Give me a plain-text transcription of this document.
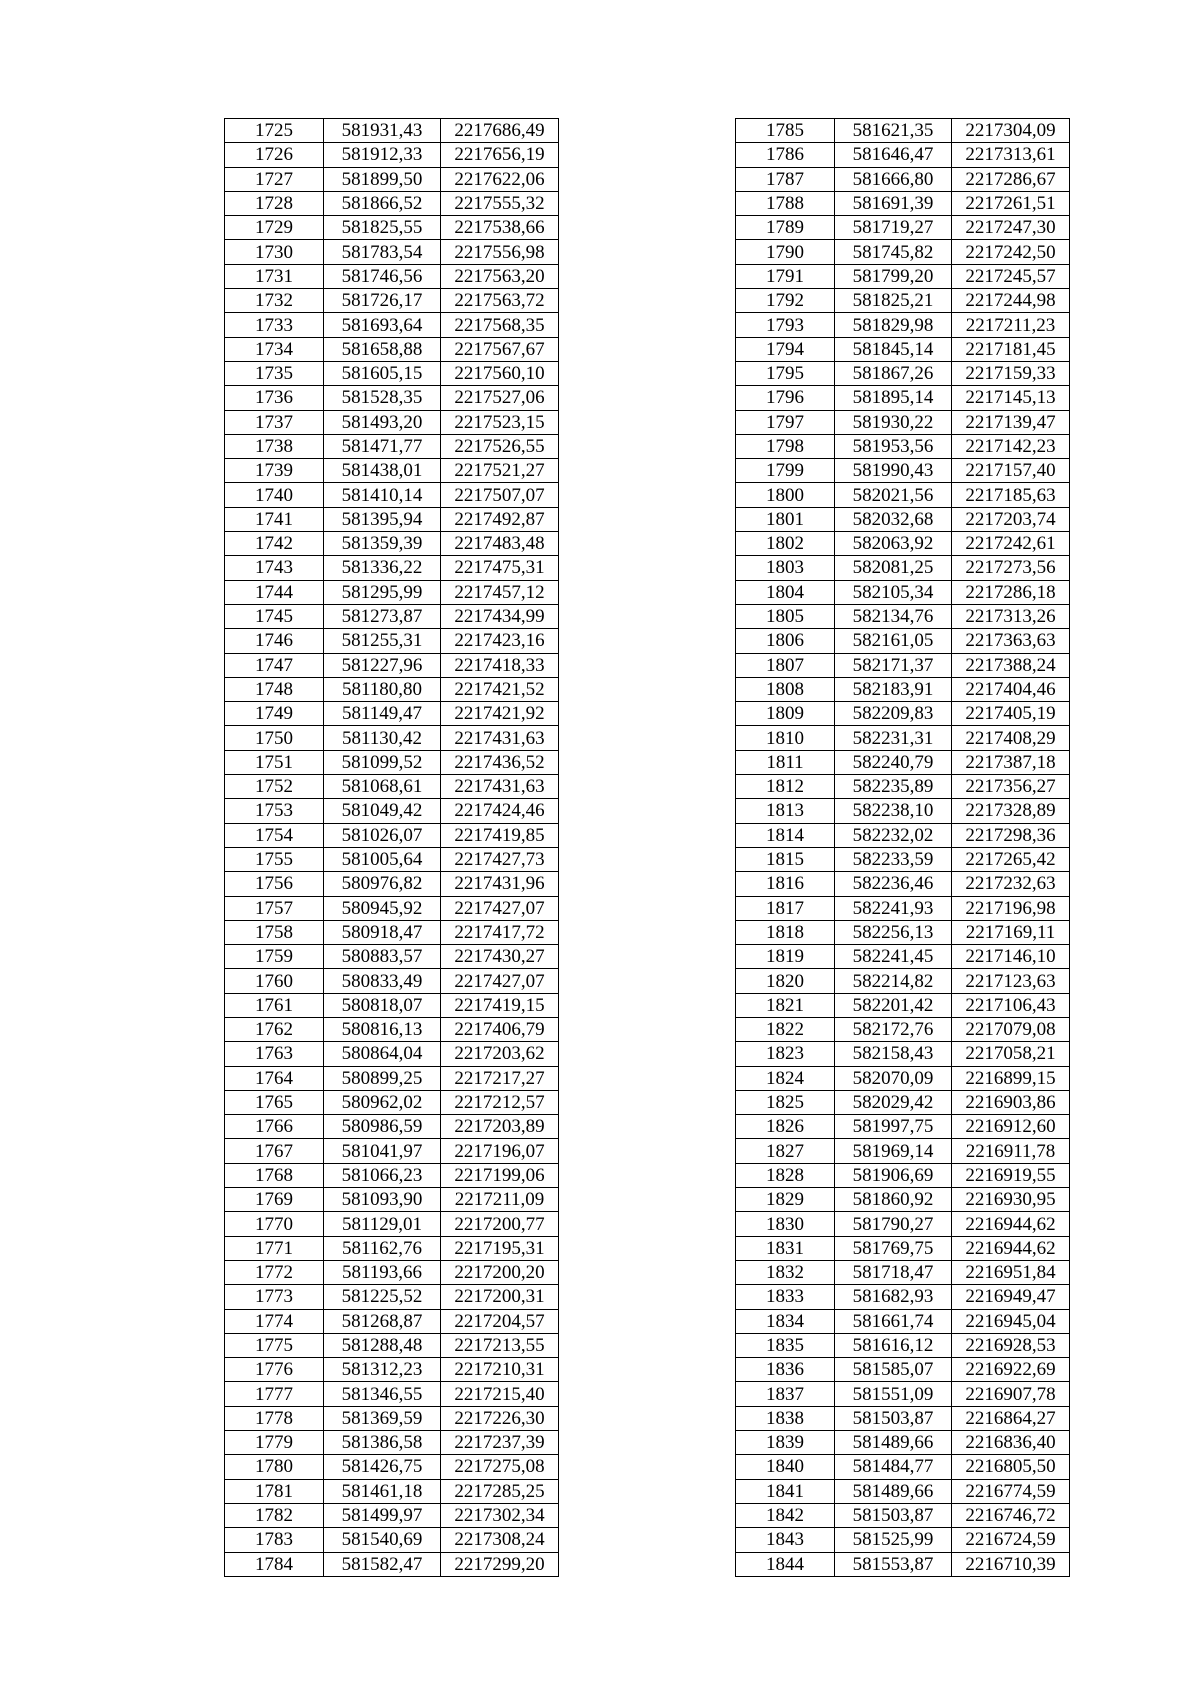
1725	581931,43	2217686,49
1726	581912,33	2217656,19
1727	581899,50	2217622,06
1728	581866,52	2217555,32
1729	581825,55	2217538,66
1730	581783,54	2217556,98
1731	581746,56	2217563,20
1732	581726,17	2217563,72
1733	581693,64	2217568,35
1734	581658,88	2217567,67
1735	581605,15	2217560,10
1736	581528,35	2217527,06
1737	581493,20	2217523,15
1738	581471,77	2217526,55
1739	581438,01	2217521,27
1740	581410,14	2217507,07
1741	581395,94	2217492,87
1742	581359,39	2217483,48
1743	581336,22	2217475,31
1744	581295,99	2217457,12
1745	581273,87	2217434,99
1746	581255,31	2217423,16
1747	581227,96	2217418,33
1748	581180,80	2217421,52
1749	581149,47	2217421,92
1750	581130,42	2217431,63
1751	581099,52	2217436,52
1752	581068,61	2217431,63
1753	581049,42	2217424,46
1754	581026,07	2217419,85
1755	581005,64	2217427,73
1756	580976,82	2217431,96
1757	580945,92	2217427,07
1758	580918,47	2217417,72
1759	580883,57	2217430,27
1760	580833,49	2217427,07
1761	580818,07	2217419,15
1762	580816,13	2217406,79
1763	580864,04	2217203,62
1764	580899,25	2217217,27
1765	580962,02	2217212,57
1766	580986,59	2217203,89
1767	581041,97	2217196,07
1768	581066,23	2217199,06
1769	581093,90	2217211,09
1770	581129,01	2217200,77
1771	581162,76	2217195,31
1772	581193,66	2217200,20
1773	581225,52	2217200,31
1774	581268,87	2217204,57
1775	581288,48	2217213,55
1776	581312,23	2217210,31
1777	581346,55	2217215,40
1778	581369,59	2217226,30
1779	581386,58	2217237,39
1780	581426,75	2217275,08
1781	581461,18	2217285,25
1782	581499,97	2217302,34
1783	581540,69	2217308,24
1784	581582,47	2217299,20
1785	581621,35	2217304,09
1786	581646,47	2217313,61
1787	581666,80	2217286,67
1788	581691,39	2217261,51
1789	581719,27	2217247,30
1790	581745,82	2217242,50
1791	581799,20	2217245,57
1792	581825,21	2217244,98
1793	581829,98	2217211,23
1794	581845,14	2217181,45
1795	581867,26	2217159,33
1796	581895,14	2217145,13
1797	581930,22	2217139,47
1798	581953,56	2217142,23
1799	581990,43	2217157,40
1800	582021,56	2217185,63
1801	582032,68	2217203,74
1802	582063,92	2217242,61
1803	582081,25	2217273,56
1804	582105,34	2217286,18
1805	582134,76	2217313,26
1806	582161,05	2217363,63
1807	582171,37	2217388,24
1808	582183,91	2217404,46
1809	582209,83	2217405,19
1810	582231,31	2217408,29
1811	582240,79	2217387,18
1812	582235,89	2217356,27
1813	582238,10	2217328,89
1814	582232,02	2217298,36
1815	582233,59	2217265,42
1816	582236,46	2217232,63
1817	582241,93	2217196,98
1818	582256,13	2217169,11
1819	582241,45	2217146,10
1820	582214,82	2217123,63
1821	582201,42	2217106,43
1822	582172,76	2217079,08
1823	582158,43	2217058,21
1824	582070,09	2216899,15
1825	582029,42	2216903,86
1826	581997,75	2216912,60
1827	581969,14	2216911,78
1828	581906,69	2216919,55
1829	581860,92	2216930,95
1830	581790,27	2216944,62
1831	581769,75	2216944,62
1832	581718,47	2216951,84
1833	581682,93	2216949,47
1834	581661,74	2216945,04
1835	581616,12	2216928,53
1836	581585,07	2216922,69
1837	581551,09	2216907,78
1838	581503,87	2216864,27
1839	581489,66	2216836,40
1840	581484,77	2216805,50
1841	581489,66	2216774,59
1842	581503,87	2216746,72
1843	581525,99	2216724,59
1844	581553,87	2216710,39
